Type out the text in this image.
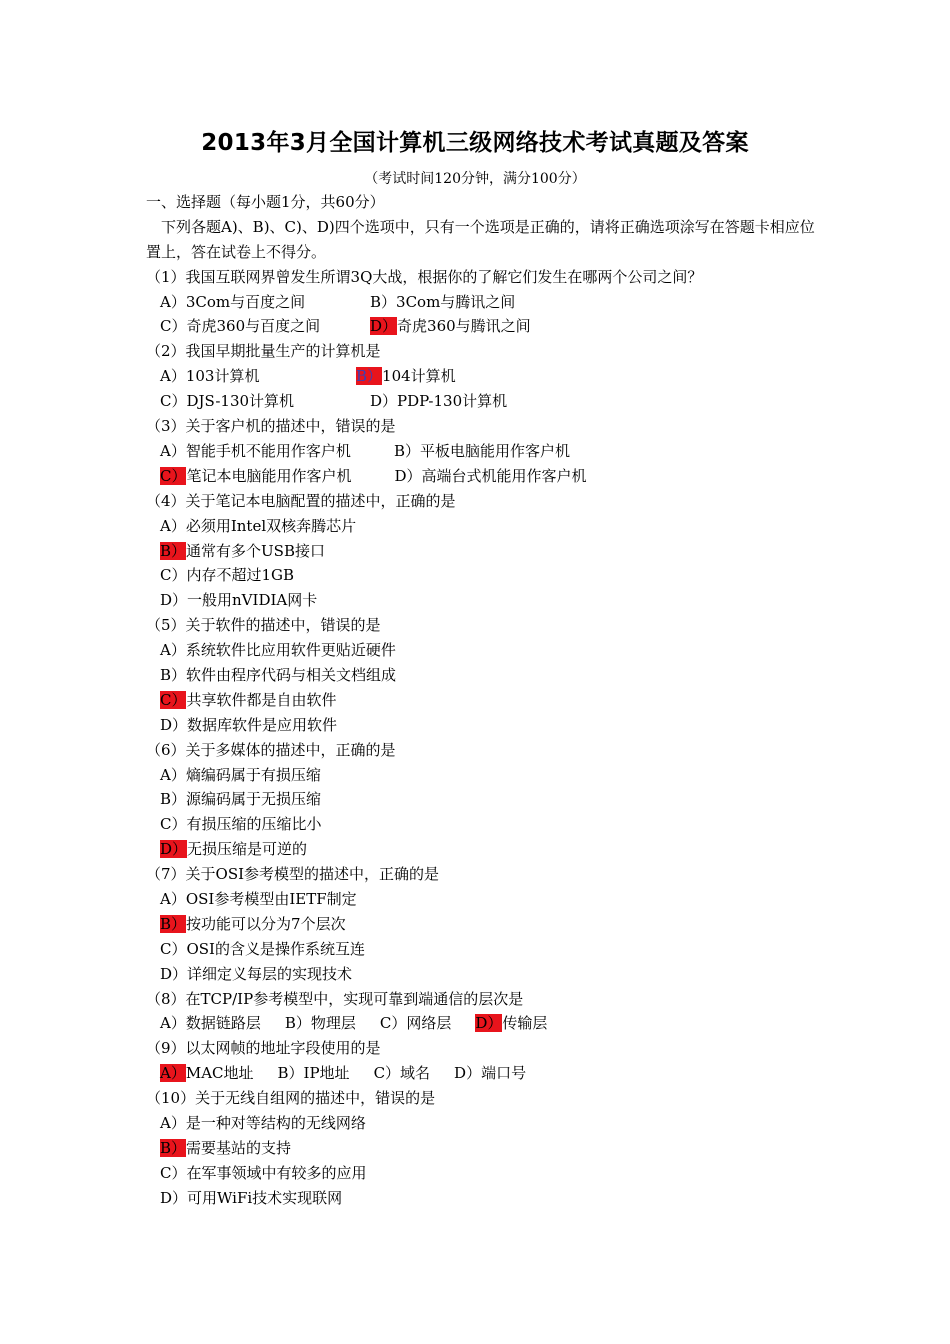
2013年3月全国计算机三级网络技术考试真题及答案
（考试时间120分钟，满分100分）
一、选择题（每小题1分，共60分）
下列各题A)、B)、C)、D)四个选项中，只有一个选项是正确的，请将正确选项涂写在答题卡相应位置上，答在试卷上不得分。
（1）我国互联网界曾发生所谓3Q大战，根据你的了解它们发生在哪两个公司之间？
A）3Com与百度之间	B）3Com与腾讯之间
C）奇虎360与百度之间	D）奇虎360与腾讯之间
（2）我国早期批量生产的计算机是
A）103计算机	B）104计算机
C）DJS-130计算机	D）PDP-130计算机
（3）关于客户机的描述中，错误的是
A）智能手机不能用作客户机	B）平板电脑能用作客户机
C）笔记本电脑能用作客户机	D）高端台式机能用作客户机
（4）关于笔记本电脑配置的描述中，正确的是
A）必须用Intel双核奔腾芯片
B）通常有多个USB接口
C）内存不超过1GB
D）一般用nVIDIA网卡
（5）关于软件的描述中，错误的是
A）系统软件比应用软件更贴近硬件
B）软件由程序代码与相关文档组成
C）共享软件都是自由软件
D）数据库软件是应用软件
（6）关于多媒体的描述中，正确的是
A）熵编码属于有损压缩
B）源编码属于无损压缩
C）有损压缩的压缩比小
D）无损压缩是可逆的
（7）关于OSI参考模型的描述中，正确的是
A）OSI参考模型由IETF制定
B）按功能可以分为7个层次
C）OSI的含义是操作系统互连
D）详细定义每层的实现技术
（8）在TCP/IP参考模型中，实现可靠到端通信的层次是
A）数据链路层 B）物理层 C）网络层 D）传输层
（9）以太网帧的地址字段使用的是
A）MAC地址 B）IP地址 C）域名 D）端口号
（10）关于无线自组网的描述中，错误的是
A）是一种对等结构的无线网络
B）需要基站的支持
C）在军事领域中有较多的应用
D）可用WiFi技术实现联网
